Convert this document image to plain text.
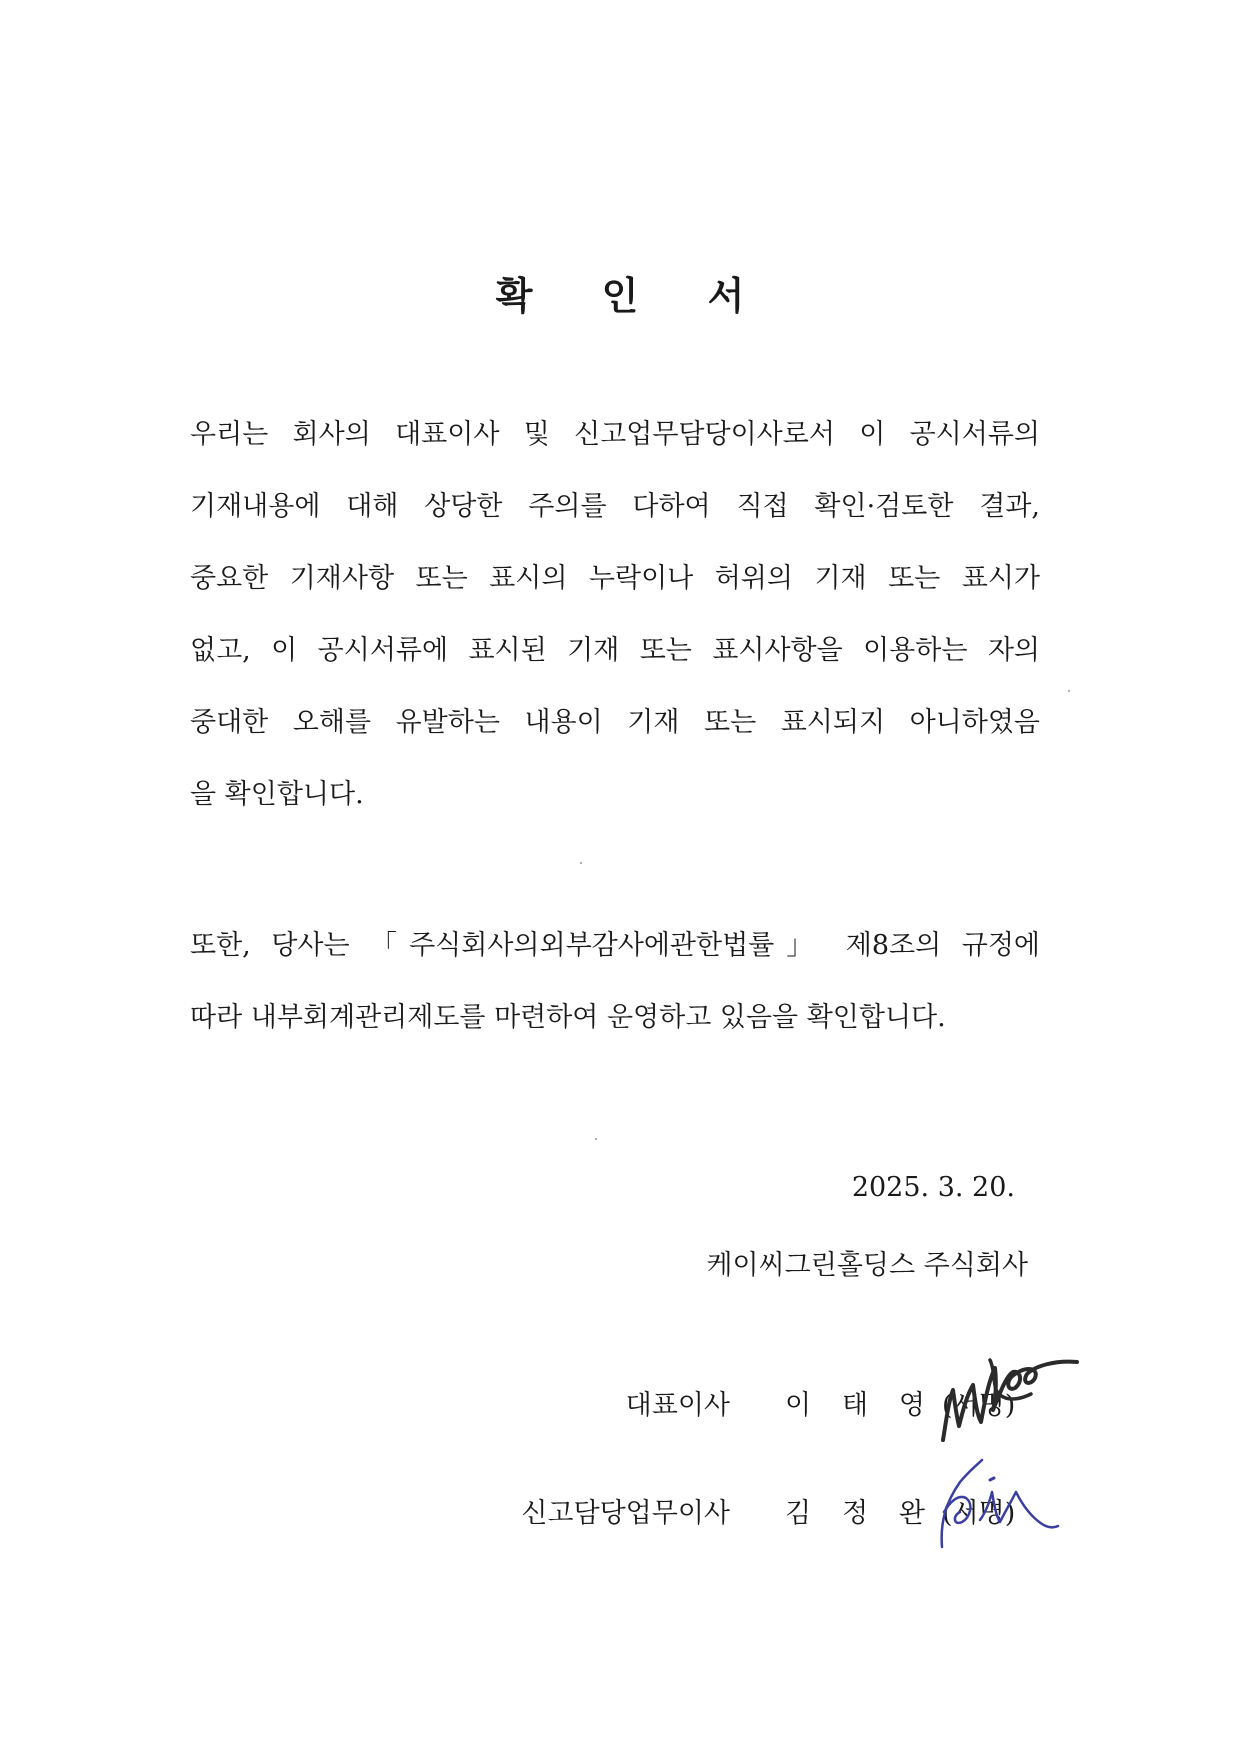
확 인 서
우리는 회사의 대표이사 및 신고업무담당이사로서 이 공시서류의
기재내용에 대해 상당한 주의를 다하여 직접 확인·검토한 결과,
중요한 기재사항 또는 표시의 누락이나 허위의 기재 또는 표시가
없고, 이 공시서류에 표시된 기재 또는 표시사항을 이용하는 자의
중대한 오해를 유발하는 내용이 기재 또는 표시되지 아니하였음
을 확인합니다.
또한, 당사는 「주식회사의외부감사에관한법률」 제8조의 규정에
따라 내부회계관리제도를 마련하여 운영하고 있음을 확인합니다.
2025. 3. 20.
케이씨그린홀딩스 주식회사
대표이사 이 태 영 (서명)
신고담당업무이사 김 정 완 (서명)
